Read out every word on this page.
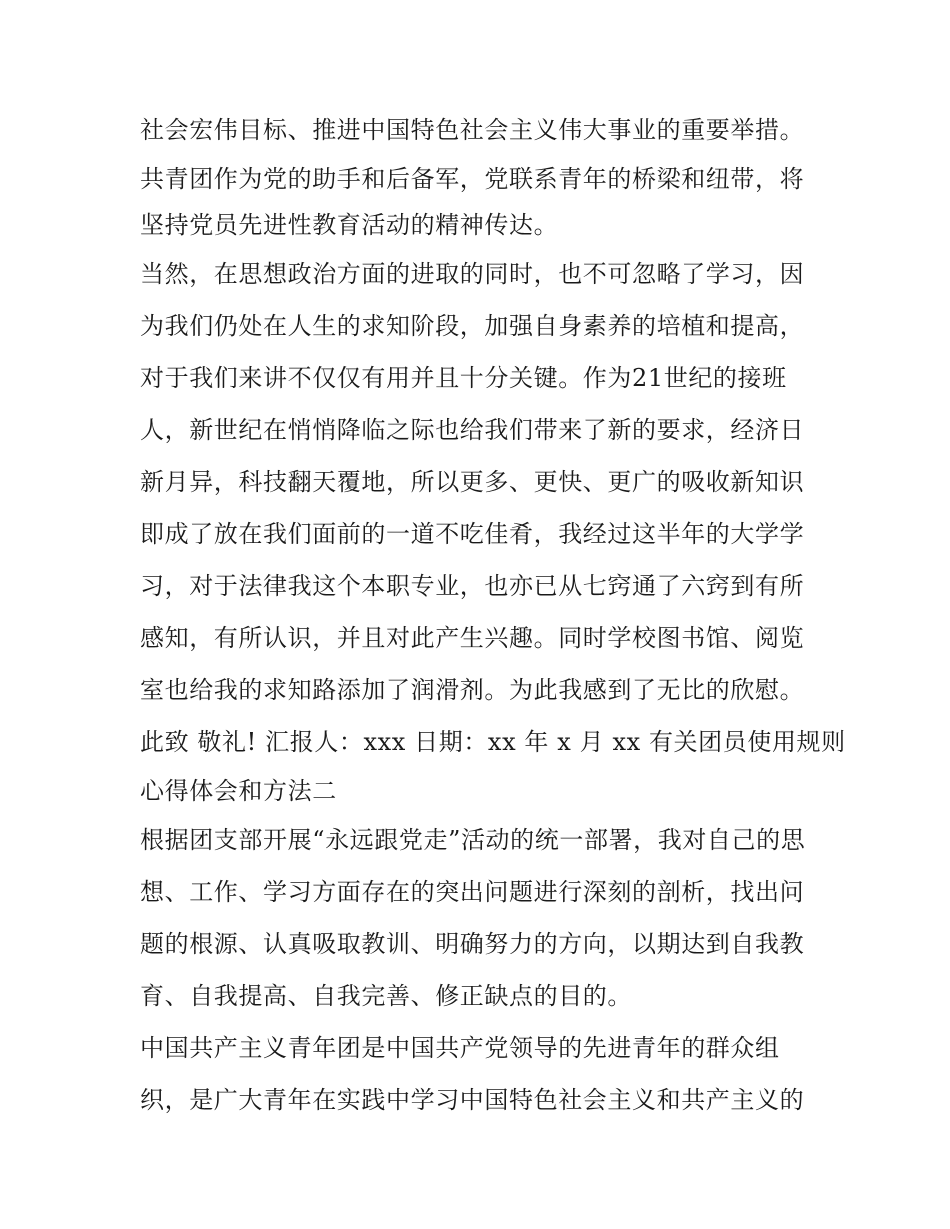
社会宏伟目标、推进中国特色社会主义伟大事业的重要举措。
共青团作为党的助手和后备军，党联系青年的桥梁和纽带，将
坚持党员先进性教育活动的精神传达。
当然，在思想政治方面的进取的同时，也不可忽略了学习，因
为我们仍处在人生的求知阶段，加强自身素养的培植和提高，
对于我们来讲不仅仅有用并且十分关键。作为21世纪的接班
人，新世纪在悄悄降临之际也给我们带来了新的要求，经济日
新月异，科技翻天覆地，所以更多、更快、更广的吸收新知识
即成了放在我们面前的一道不吃佳肴，我经过这半年的大学学
习，对于法律我这个本职专业，也亦已从七窍通了六窍到有所
感知，有所认识，并且对此产生兴趣。同时学校图书馆、阅览
室也给我的求知路添加了润滑剂。为此我感到了无比的欣慰。
此致 敬礼! 汇报人：xxx 日期：xx 年 x 月 xx 有关团员使用规则
心得体会和方法二
根据团支部开展“永远跟党走”活动的统一部署，我对自己的思
想、工作、学习方面存在的突出问题进行深刻的剖析，找出问
题的根源、认真吸取教训、明确努力的方向，以期达到自我教
育、自我提高、自我完善、修正缺点的目的。
中国共产主义青年团是中国共产党领导的先进青年的群众组
织，是广大青年在实践中学习中国特色社会主义和共产主义的
